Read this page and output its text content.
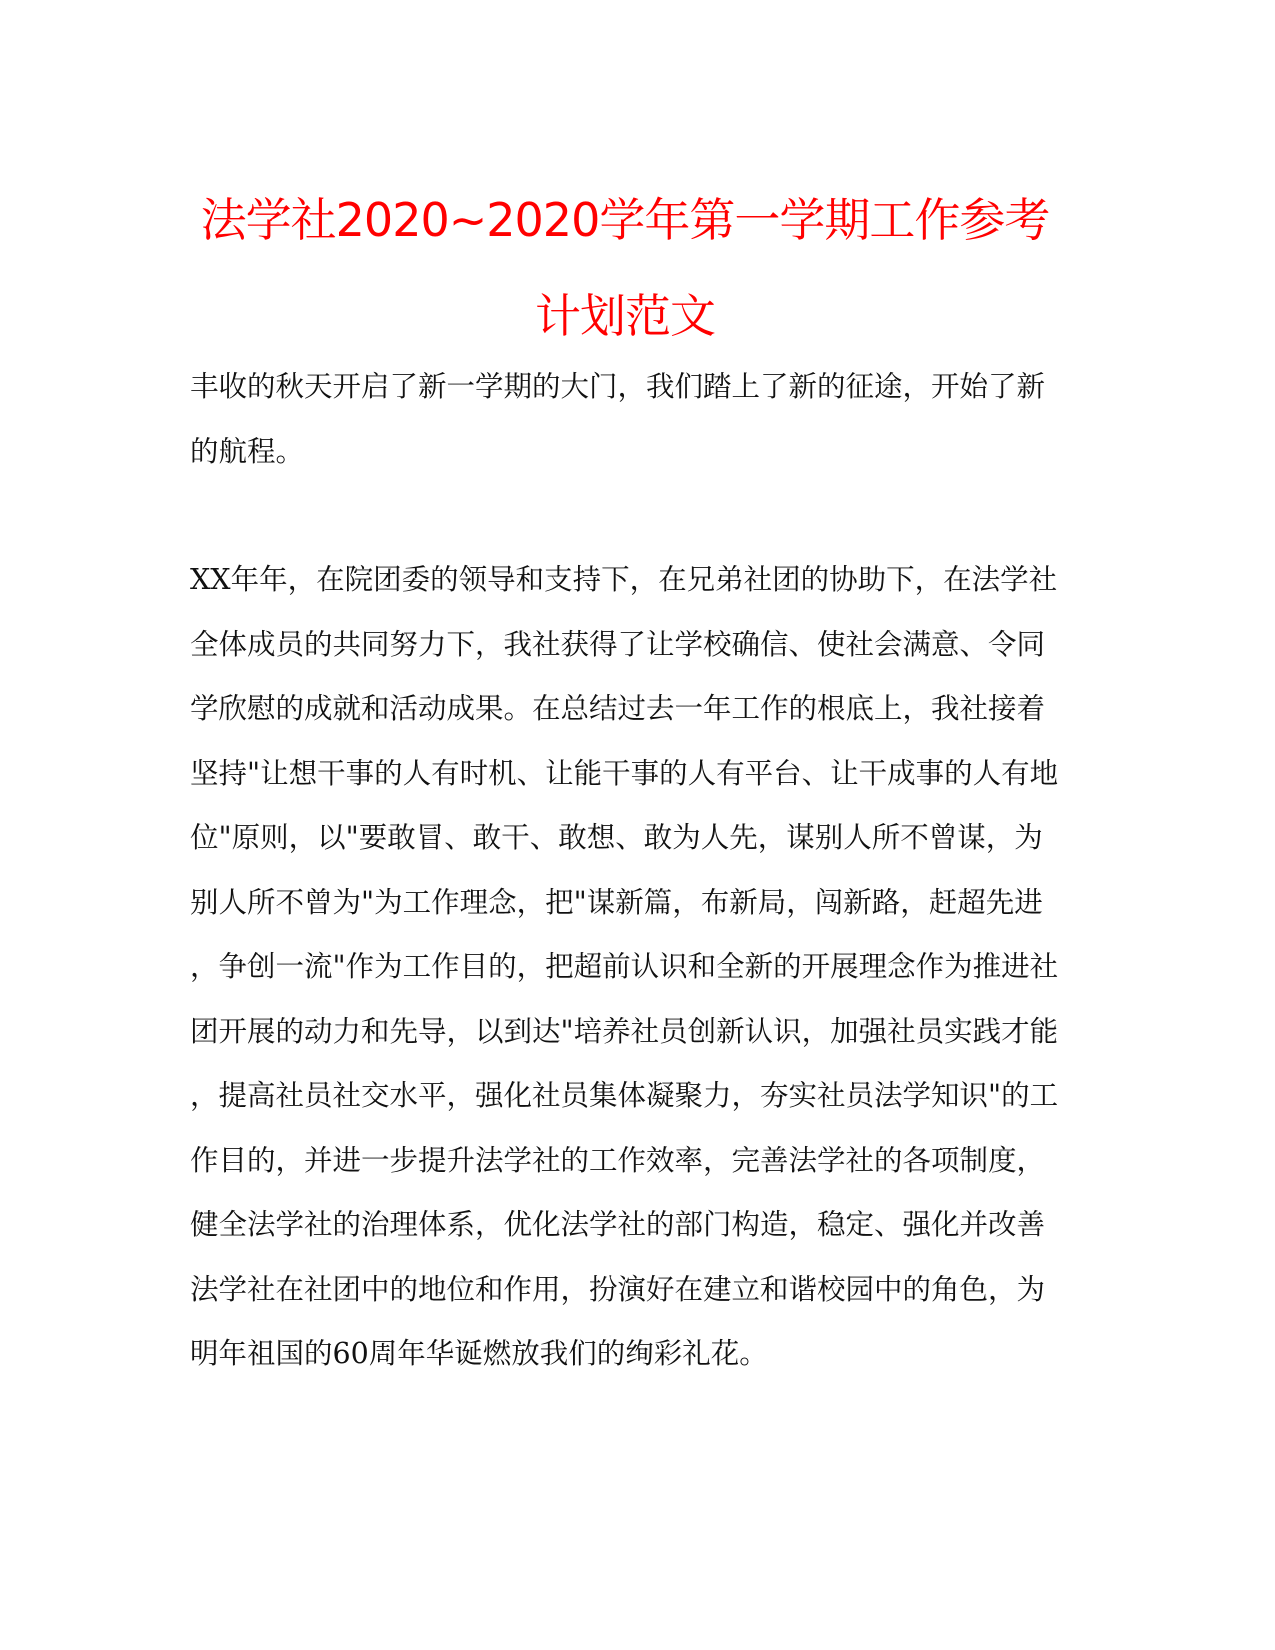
法学社2020~2020学年第一学期工作参考
计划范文

丰收的秋天开启了新一学期的大门，我们踏上了新的征途，开始了新
的航程。

XX年年，在院团委的领导和支持下，在兄弟社团的协助下，在法学社
全体成员的共同努力下，我社获得了让学校确信、使社会满意、令同
学欣慰的成就和活动成果。在总结过去一年工作的根底上，我社接着
坚持"让想干事的人有时机、让能干事的人有平台、让干成事的人有地
位"原则，以"要敢冒、敢干、敢想、敢为人先，谋别人所不曾谋，为
别人所不曾为"为工作理念，把"谋新篇，布新局，闯新路，赶超先进
，争创一流"作为工作目的，把超前认识和全新的开展理念作为推进社
团开展的动力和先导，以到达"培养社员创新认识，加强社员实践才能
，提高社员社交水平，强化社员集体凝聚力，夯实社员法学知识"的工
作目的，并进一步提升法学社的工作效率，完善法学社的各项制度，
健全法学社的治理体系，优化法学社的部门构造，稳定、强化并改善
法学社在社团中的地位和作用，扮演好在建立和谐校园中的角色，为
明年祖国的60周年华诞燃放我们的绚彩礼花。
